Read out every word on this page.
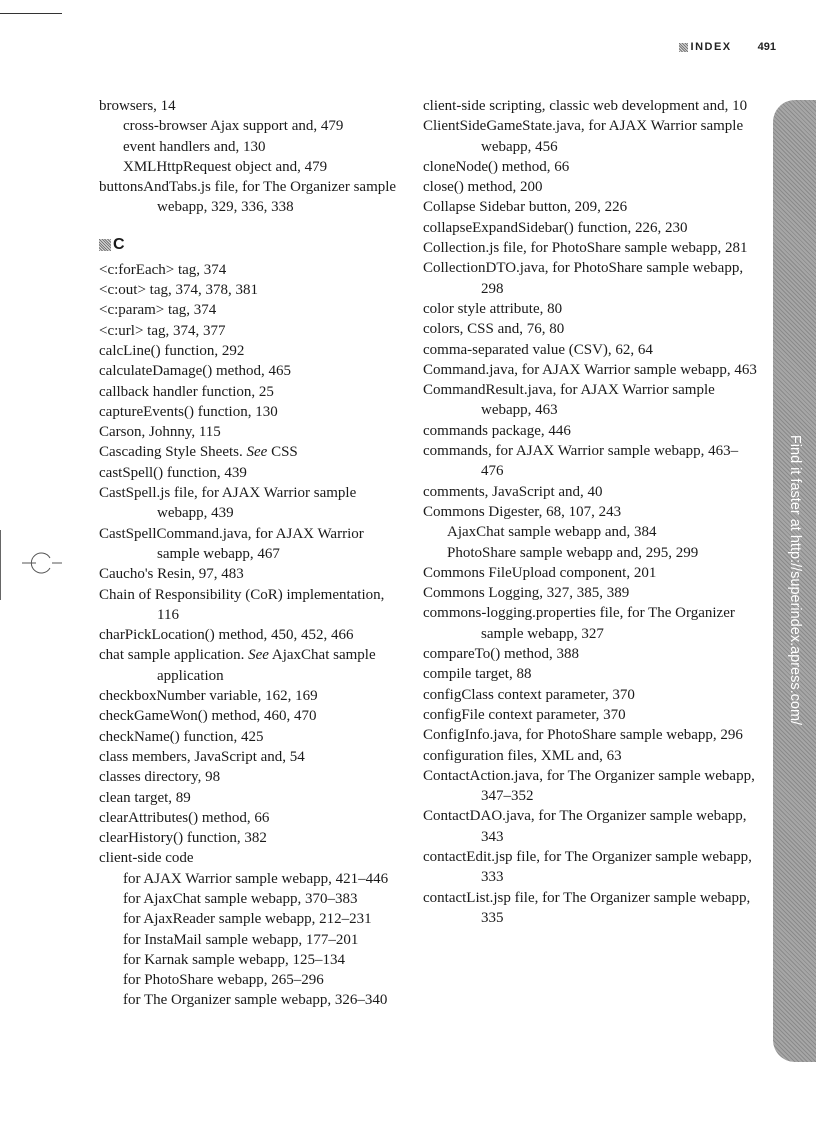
INDEX 491
Find it faster at http://superindex.apress.com/
browsers, 14
cross-browser Ajax support and, 479
event handlers and, 130
XMLHttpRequest object and, 479
buttonsAndTabs.js file, for The Organizer sample webapp, 329, 336, 338
C
<c:forEach> tag, 374
<c:out> tag, 374, 378, 381
<c:param> tag, 374
<c:url> tag, 374, 377
calcLine() function, 292
calculateDamage() method, 465
callback handler function, 25
captureEvents() function, 130
Carson, Johnny, 115
Cascading Style Sheets. See CSS
castSpell() function, 439
CastSpell.js file, for AJAX Warrior sample webapp, 439
CastSpellCommand.java, for AJAX Warrior sample webapp, 467
Caucho's Resin, 97, 483
Chain of Responsibility (CoR) implementation, 116
charPickLocation() method, 450, 452, 466
chat sample application. See AjaxChat sample application
checkboxNumber variable, 162, 169
checkGameWon() method, 460, 470
checkName() function, 425
class members, JavaScript and, 54
classes directory, 98
clean target, 89
clearAttributes() method, 66
clearHistory() function, 382
client-side code
for AJAX Warrior sample webapp, 421–446
for AjaxChat sample webapp, 370–383
for AjaxReader sample webapp, 212–231
for InstaMail sample webapp, 177–201
for Karnak sample webapp, 125–134
for PhotoShare webapp, 265–296
for The Organizer sample webapp, 326–340
client-side scripting, classic web development and, 10
ClientSideGameState.java, for AJAX Warrior sample webapp, 456
cloneNode() method, 66
close() method, 200
Collapse Sidebar button, 209, 226
collapseExpandSidebar() function, 226, 230
Collection.js file, for PhotoShare sample webapp, 281
CollectionDTO.java, for PhotoShare sample webapp, 298
color style attribute, 80
colors, CSS and, 76, 80
comma-separated value (CSV), 62, 64
Command.java, for AJAX Warrior sample webapp, 463
CommandResult.java, for AJAX Warrior sample webapp, 463
commands package, 446
commands, for AJAX Warrior sample webapp, 463–476
comments, JavaScript and, 40
Commons Digester, 68, 107, 243
AjaxChat sample webapp and, 384
PhotoShare sample webapp and, 295, 299
Commons FileUpload component, 201
Commons Logging, 327, 385, 389
commons-logging.properties file, for The Organizer sample webapp, 327
compareTo() method, 388
compile target, 88
configClass context parameter, 370
configFile context parameter, 370
ConfigInfo.java, for PhotoShare sample webapp, 296
configuration files, XML and, 63
ContactAction.java, for The Organizer sample webapp, 347–352
ContactDAO.java, for The Organizer sample webapp, 343
contactEdit.jsp file, for The Organizer sample webapp, 333
contactList.jsp file, for The Organizer sample webapp, 335
